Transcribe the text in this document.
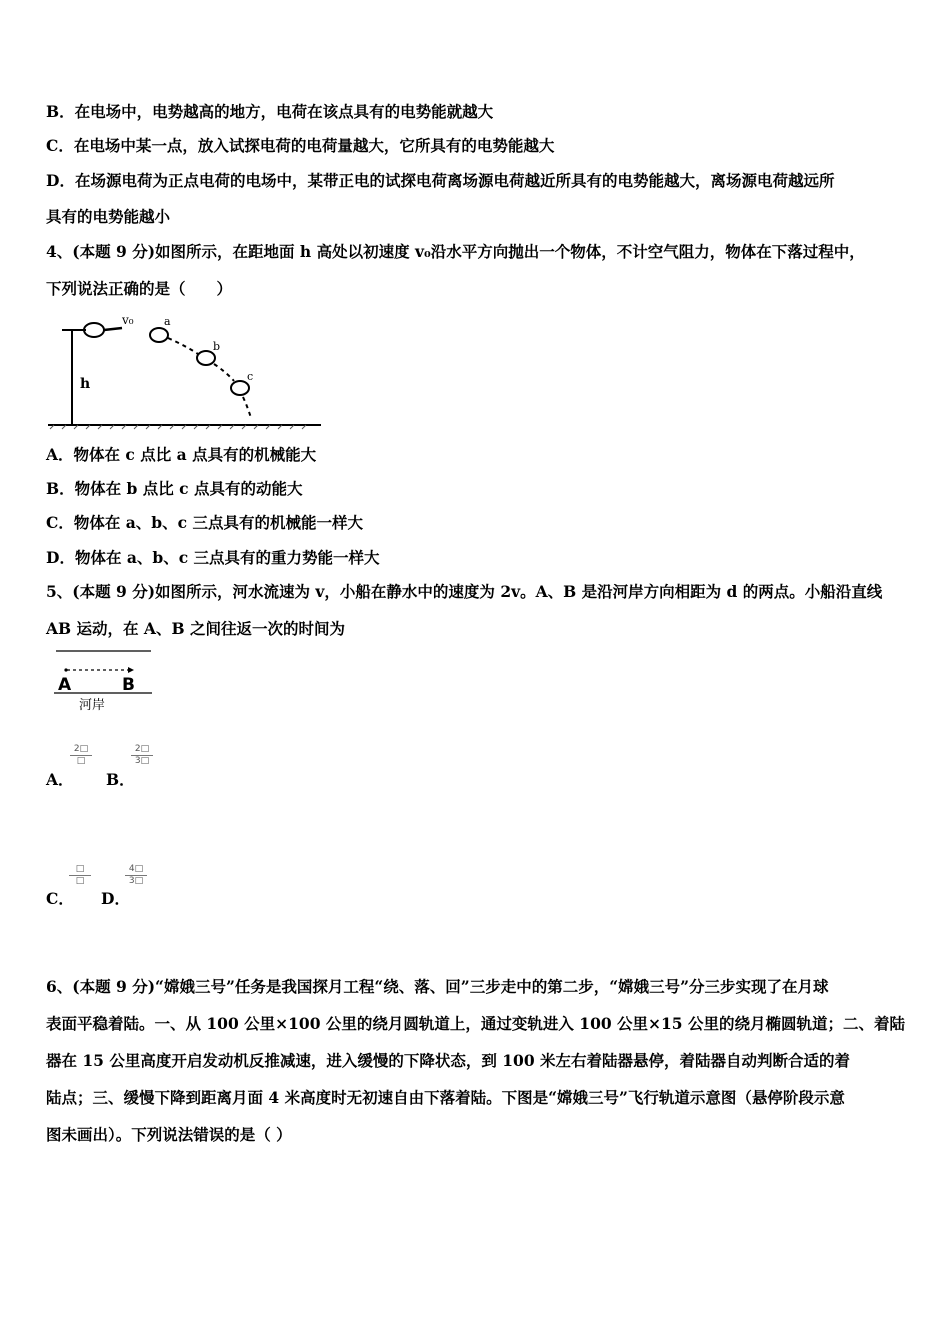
B．在电场中，电势越高的地方，电荷在该点具有的电势能就越大
C．在电场中某一点，放入试探电荷的电荷量越大，它所具有的电势能越大
D．在场源电荷为正点电荷的电场中，某带正电的试探电荷离场源电荷越近所具有的电势能越大，离场源电荷越远所
具有的电势能越小
4、(本题 9 分)如图所示，在距地面 h 高处以初速度 v₀沿水平方向抛出一个物体，不计空气阻力，物体在下落过程中，
下列说法正确的是（　　）
h
v₀	a
b
c
A．物体在 c 点比 a 点具有的机械能大
B．物体在 b 点比 c 点具有的动能大
C．物体在 a、b、c 三点具有的机械能一样大
D．物体在 a、b、c 三点具有的重力势能一样大
5、(本题 9 分)如图所示，河水流速为 v，小船在静水中的速度为 2v。A、B 是沿河岸方向相距为 d 的两点。小船沿直线
AB 运动，在 A、B 之间往返一次的时间为
A	B
河岸
A．
2□
□
B．
$\frac{2□}{3□}$
C．
□
□
D．
$\frac{4□}{3□}$
6、(本题 9 分)“嫦娥三号”任务是我国探月工程“绕、落、回”三步走中的第二步，“嫦娥三号”分三步实现了在月球
表面平稳着陆。一、从 100 公里×100 公里的绕月圆轨道上，通过变轨进入 100 公里×15 公里的绕月椭圆轨道；二、着陆
器在 15 公里高度开启发动机反推减速，进入缓慢的下降状态，到 100 米左右着陆器悬停，着陆器自动判断合适的着
陆点；三、缓慢下降到距离月面 4 米高度时无初速自由下落着陆。下图是“嫦娥三号”飞行轨道示意图（悬停阶段示意
图未画出）。下列说法错误的是（ ）
